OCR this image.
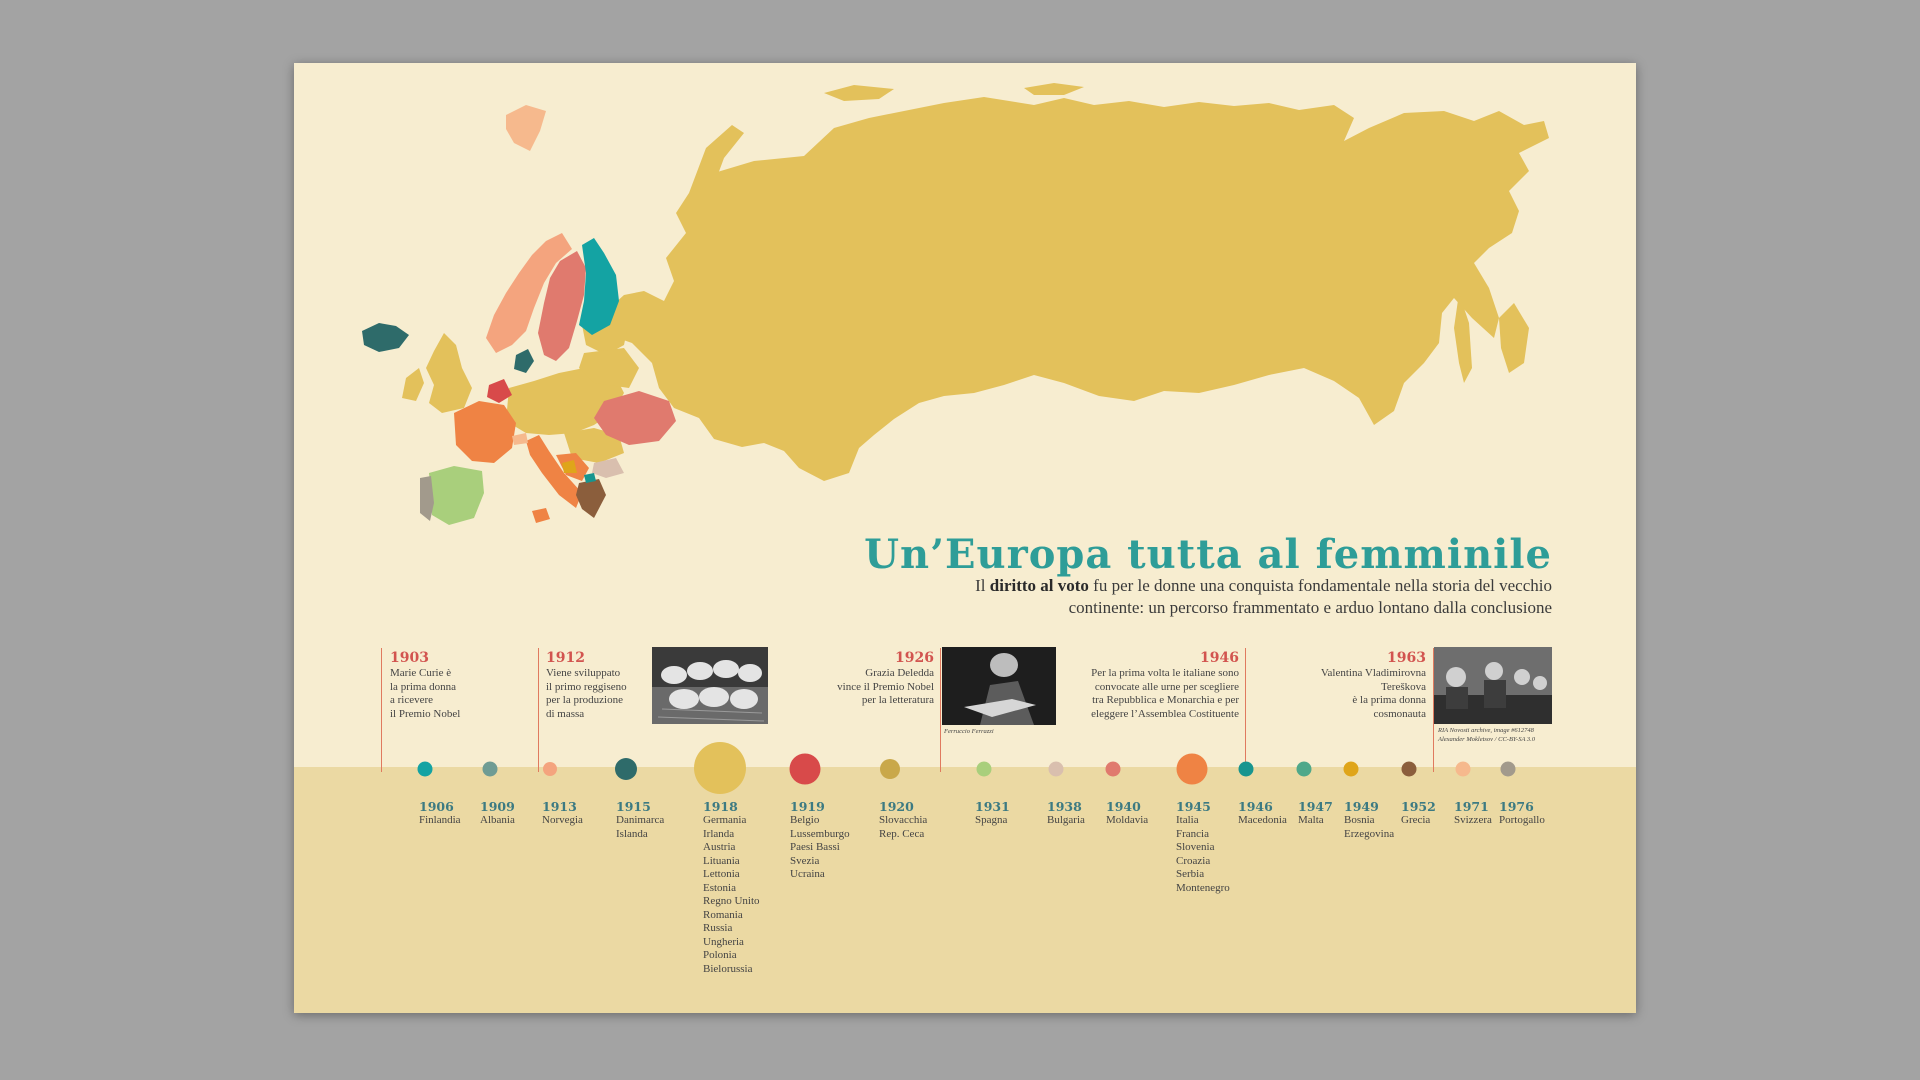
Un’Europa tutta al femminile

Il diritto al voto fu per le donne una conquista fondamentale nella storia del vecchio continente: un percorso frammentato e arduo lontano dalla conclusione

1903
Marie Curie è
la prima donna
a ricevere
il Premio Nobel
1912
Viene sviluppato
il primo reggiseno
per la produzione
di massa
1926
Grazia Deledda
vince il Premio Nobel
per la letteratura
Ferruccio Ferrazzi
1946
Per la prima volta le italiane sono
convocate alle urne per scegliere
tra Repubblica e Monarchia e per
eleggere l’Assemblea Costituente
1963
Valentina Vladimirovna
Tereškova
è la prima donna
cosmonauta
RIA Novosti archive, image #612748
Alexander Mokletsov / CC-BY-SA 3.0
1906
Finlandia
1909
Albania
1913
Norvegia
1915
Danimarca
Islanda
1918
Germania
Irlanda
Austria
Lituania
Lettonia
Estonia
Regno Unito
Romania
Russia
Ungheria
Polonia
Bielorussia
1919
Belgio
Lussemburgo
Paesi Bassi
Svezia
Ucraina
1920
Slovacchia
Rep. Ceca
1931
Spagna
1938
Bulgaria
1940
Moldavia
1945
Italia
Francia
Slovenia
Croazia
Serbia
Montenegro
1946
Macedonia
1947
Malta
1949
Bosnia
Erzegovina
1952
Grecia
1971
Svizzera
1976
Portogallo
